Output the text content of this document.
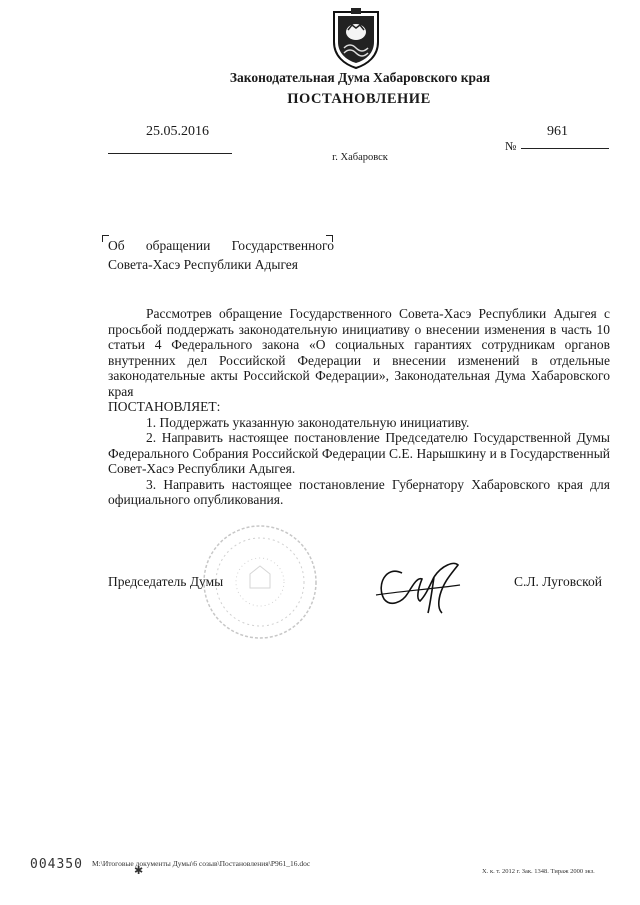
Законодательная Дума Хабаровского края
ПОСТАНОВЛЕНИЕ
25.05.2016	961
№
г. Хабаровск
Об обращении Государственного
Совета-Хасэ Республики Адыгея

Рассмотрев обращение Государственного Совета-Хасэ Республики Адыгея с просьбой поддержать законодательную инициативу о внесении изменения в часть 10 статьи 4 Федерального закона «О социальных гарантиях сотрудникам органов внутренних дел Российской Федерации и внесении изменений в отдельные законодательные акты Российской Федерации», Законодательная Дума Хабаровского края

ПОСТАНОВЛЯЕТ:

1. Поддержать указанную законодательную инициативу.

2. Направить настоящее постановление Председателю Государственной Думы Федерального Собрания Российской Федерации С.Е. Нарышкину и в Государственный Совет-Хасэ Республики Адыгея.

3. Направить настоящее постановление Губернатору Хабаровского края для официального опубликования.

Председатель Думы	С.Л. Луговской
004350	✱
М:\Итоговые документы Думы\6 созыв\Постановления\Р961_16.doc
Х. к. т. 2012 г. Зак. 1348. Тираж 2000 экз.
